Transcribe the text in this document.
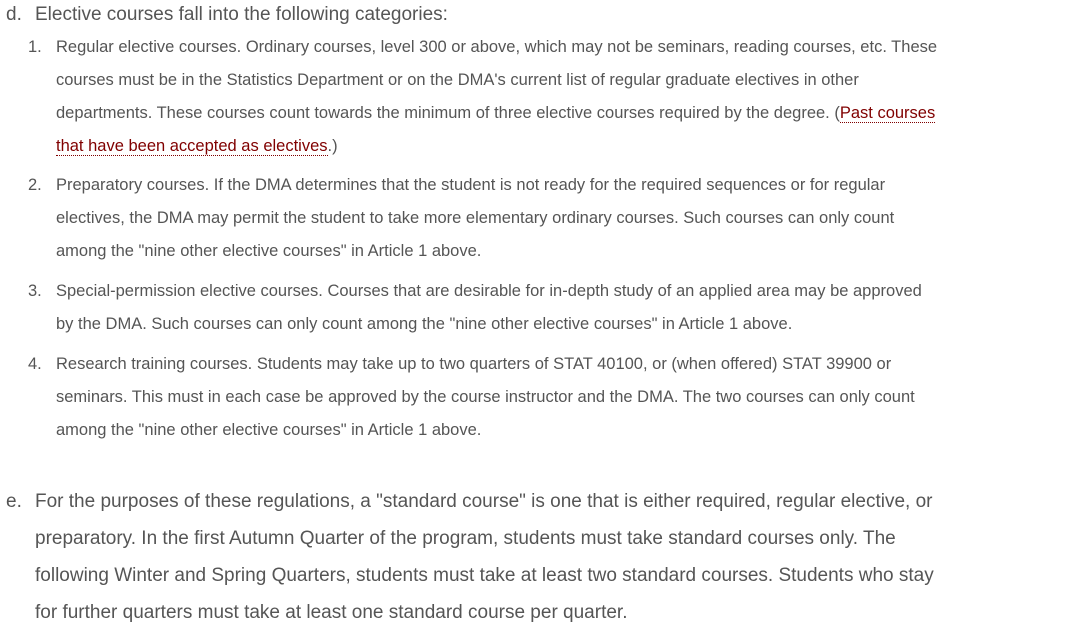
d. Elective courses fall into the following categories:
1. Regular elective courses. Ordinary courses, level 300 or above, which may not be seminars, reading courses, etc. These
courses must be in the Statistics Department or on the DMA's current list of regular graduate electives in other
departments. These courses count towards the minimum of three elective courses required by the degree. (Past courses
that have been accepted as electives.)
2. Preparatory courses. If the DMA determines that the student is not ready for the required sequences or for regular
electives, the DMA may permit the student to take more elementary ordinary courses. Such courses can only count
among the "nine other elective courses" in Article 1 above.
3. Special-permission elective courses. Courses that are desirable for in-depth study of an applied area may be approved
by the DMA. Such courses can only count among the "nine other elective courses" in Article 1 above.
4. Research training courses. Students may take up to two quarters of STAT 40100, or (when offered) STAT 39900 or
seminars. This must in each case be approved by the course instructor and the DMA. The two courses can only count
among the "nine other elective courses" in Article 1 above.
e. For the purposes of these regulations, a "standard course" is one that is either required, regular elective, or
preparatory. In the first Autumn Quarter of the program, students must take standard courses only. The
following Winter and Spring Quarters, students must take at least two standard courses. Students who stay
for further quarters must take at least one standard course per quarter.
